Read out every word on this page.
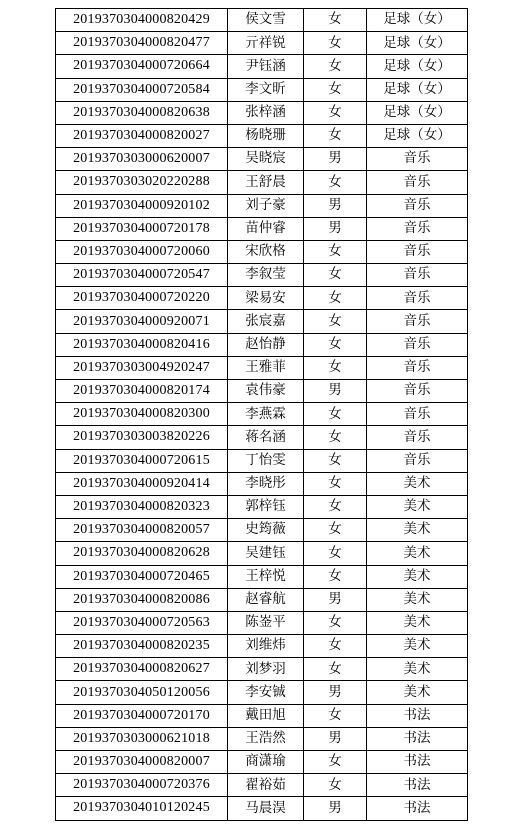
2019370304000820429	侯文雪	女	足球（女）
2019370304000820477	亓祥锐	女	足球（女）
2019370304000720664	尹钰涵	女	足球（女）
2019370304000720584	李文昕	女	足球（女）
2019370304000820638	张梓涵	女	足球（女）
2019370304000820027	杨晓珊	女	足球（女）
2019370303000620007	吴晓宸	男	音乐
2019370303020220288	王舒晨	女	音乐
2019370304000920102	刘子豪	男	音乐
2019370304000720178	苗仲睿	男	音乐
2019370304000720060	宋欣格	女	音乐
2019370304000720547	李叙莹	女	音乐
2019370304000720220	梁易安	女	音乐
2019370304000920071	张宸嘉	女	音乐
2019370304000820416	赵怡静	女	音乐
2019370303004920247	王雅菲	女	音乐
2019370304000820174	袁伟豪	男	音乐
2019370304000820300	李燕霖	女	音乐
2019370303003820226	蒋名涵	女	音乐
2019370304000720615	丁怡雯	女	音乐
2019370304000920414	李晓彤	女	美术
2019370304000820323	郭梓钰	女	美术
2019370304000820057	史筠薇	女	美术
2019370304000820628	吴建钰	女	美术
2019370304000720465	王梓悦	女	美术
2019370304000820086	赵睿航	男	美术
2019370304000720563	陈崟平	女	美术
2019370304000820235	刘维炜	女	美术
2019370304000820627	刘梦羽	女	美术
2019370304050120056	李安铖	男	美术
2019370304000720170	戴田旭	女	书法
2019370303000621018	王浩然	男	书法
2019370304000820007	商潇瑜	女	书法
2019370304000720376	翟裕茹	女	书法
2019370304010120245	马晨淏	男	书法
